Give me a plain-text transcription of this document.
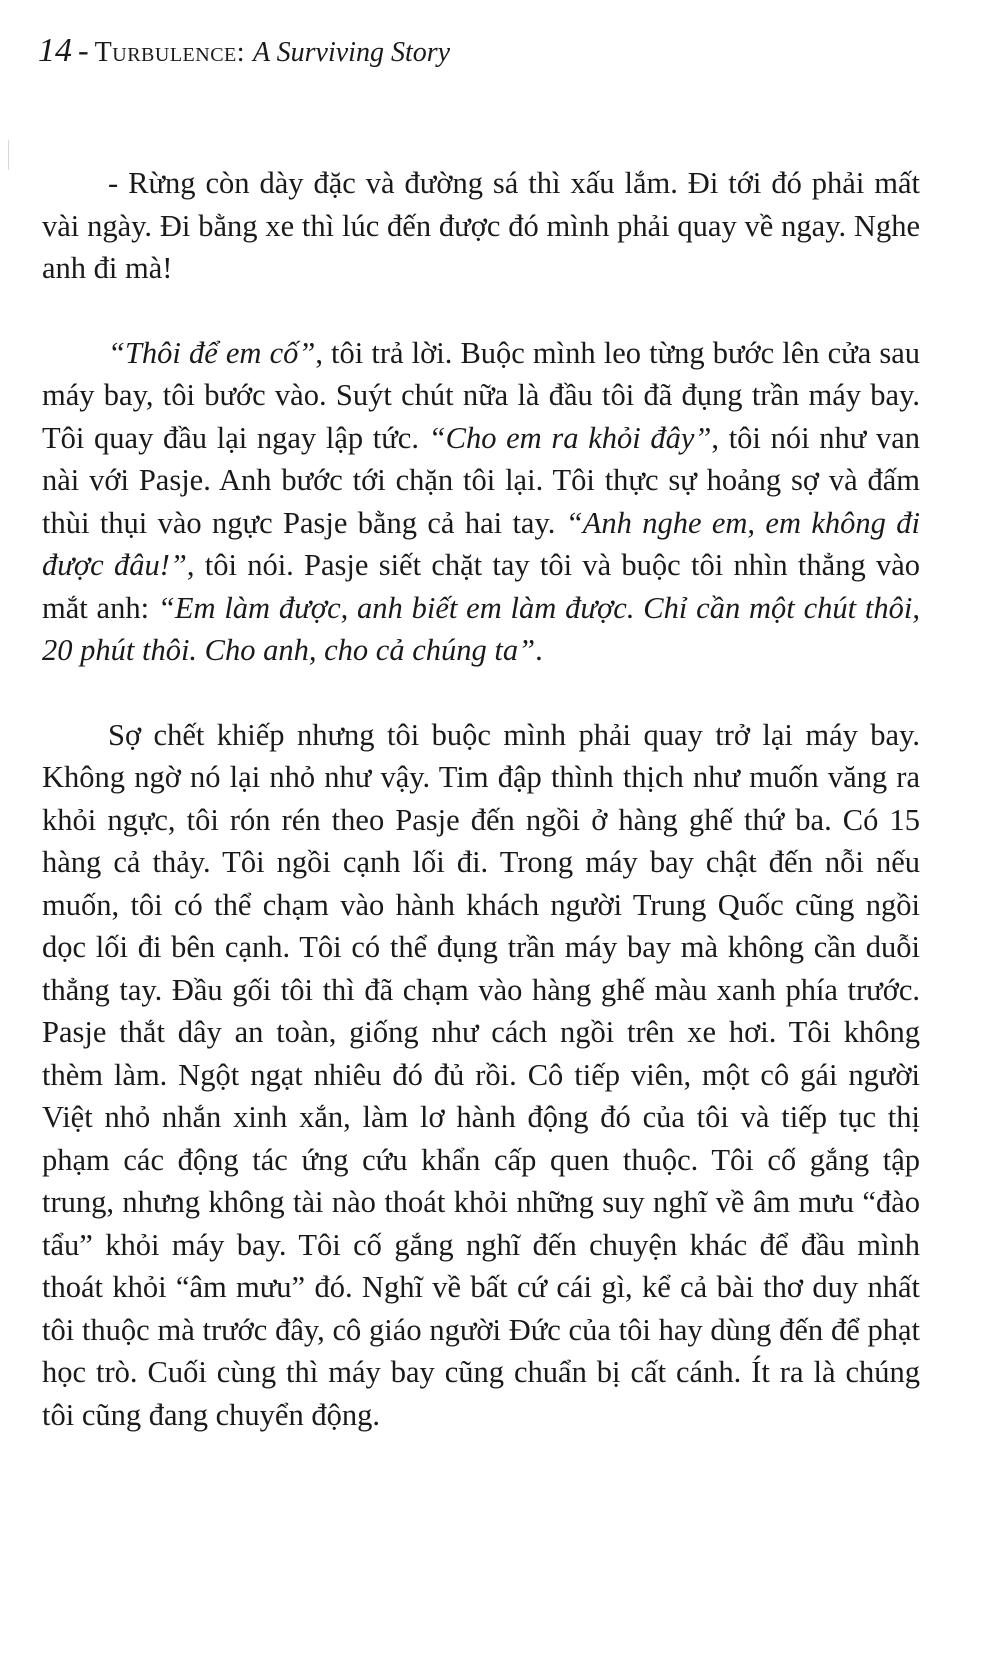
14 - Turbulence: A Surviving Story

- Rừng còn dày đặc và đường sá thì xấu lắm. Đi tới đó phải mất vài ngày. Đi bằng xe thì lúc đến được đó mình phải quay về ngay. Nghe anh đi mà!

“Thôi để em cố”, tôi trả lời. Buộc mình leo từng bước lên cửa sau máy bay, tôi bước vào. Suýt chút nữa là đầu tôi đã đụng trần máy bay. Tôi quay đầu lại ngay lập tức. “Cho em ra khỏi đây”, tôi nói như van nài với Pasje. Anh bước tới chặn tôi lại. Tôi thực sự hoảng sợ và đấm thùi thụi vào ngực Pasje bằng cả hai tay. “Anh nghe em, em không đi được đâu!”, tôi nói. Pasje siết chặt tay tôi và buộc tôi nhìn thẳng vào mắt anh: “Em làm được, anh biết em làm được. Chỉ cần một chút thôi, 20 phút thôi. Cho anh, cho cả chúng ta”.

Sợ chết khiếp nhưng tôi buộc mình phải quay trở lại máy bay. Không ngờ nó lại nhỏ như vậy. Tim đập thình thịch như muốn văng ra khỏi ngực, tôi rón rén theo Pasje đến ngồi ở hàng ghế thứ ba. Có 15 hàng cả thảy. Tôi ngồi cạnh lối đi. Trong máy bay chật đến nỗi nếu muốn, tôi có thể chạm vào hành khách người Trung Quốc cũng ngồi dọc lối đi bên cạnh. Tôi có thể đụng trần máy bay mà không cần duỗi thẳng tay. Đầu gối tôi thì đã chạm vào hàng ghế màu xanh phía trước. Pasje thắt dây an toàn, giống như cách ngồi trên xe hơi. Tôi không thèm làm. Ngột ngạt nhiêu đó đủ rồi. Cô tiếp viên, một cô gái người Việt nhỏ nhắn xinh xắn, làm lơ hành động đó của tôi và tiếp tục thị phạm các động tác ứng cứu khẩn cấp quen thuộc. Tôi cố gắng tập trung, nhưng không tài nào thoát khỏi những suy nghĩ về âm mưu “đào tẩu” khỏi máy bay. Tôi cố gắng nghĩ đến chuyện khác để đầu mình thoát khỏi “âm mưu” đó. Nghĩ về bất cứ cái gì, kể cả bài thơ duy nhất tôi thuộc mà trước đây, cô giáo người Đức của tôi hay dùng đến để phạt học trò. Cuối cùng thì máy bay cũng chuẩn bị cất cánh. Ít ra là chúng tôi cũng đang chuyển động.
